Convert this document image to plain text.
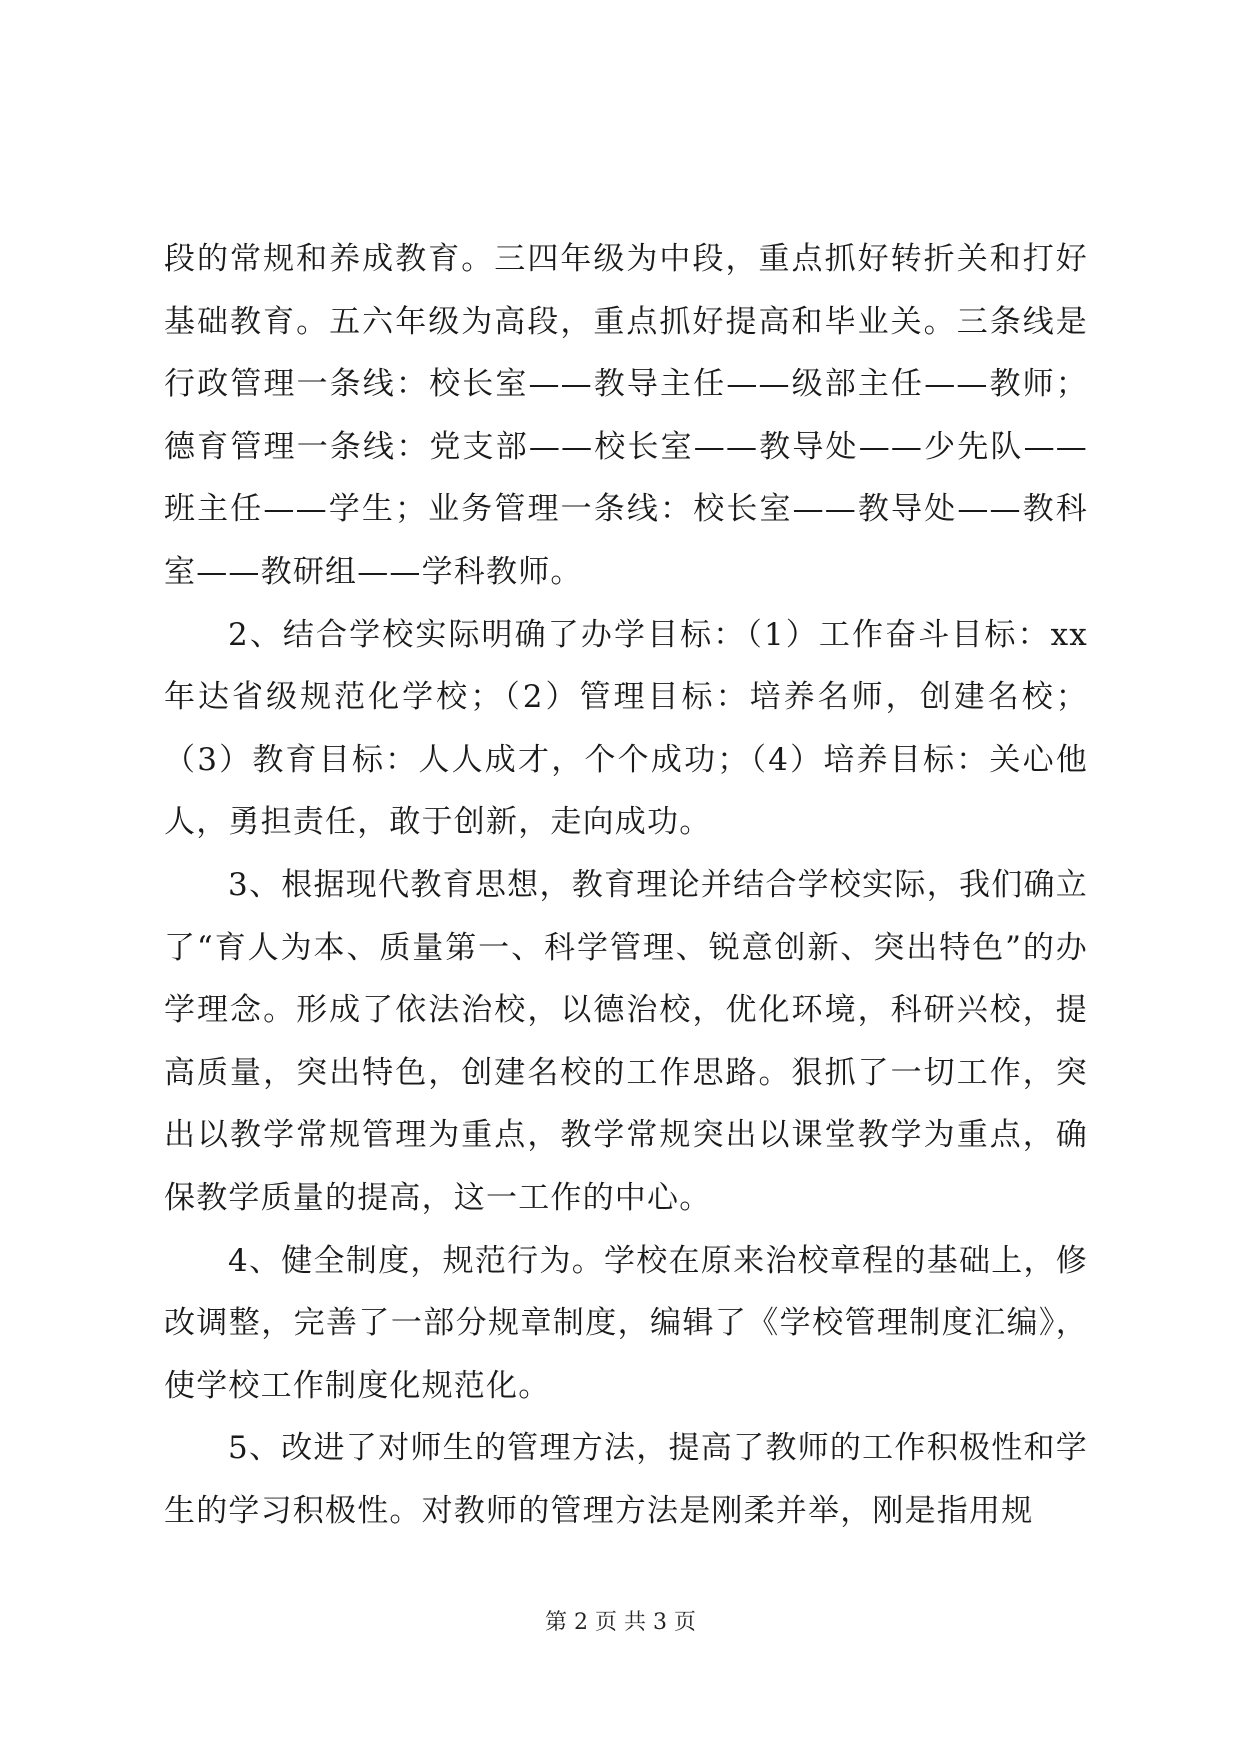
段的常规和养成教育。三四年级为中段，重点抓好转折关和打好基础教育。五六年级为高段，重点抓好提高和毕业关。三条线是行政管理一条线：校长室——教导主任——级部主任——教师；德育管理一条线：党支部——校长室——教导处——少先队——班主任——学生；业务管理一条线：校长室——教导处——教科室——教研组——学科教师。

2、结合学校实际明确了办学目标：（1）工作奋斗目标：xx年达省级规范化学校；（2）管理目标：培养名师，创建名校；（3）教育目标：人人成才，个个成功；（4）培养目标：关心他人，勇担责任，敢于创新，走向成功。

3、根据现代教育思想，教育理论并结合学校实际，我们确立了“育人为本、质量第一、科学管理、锐意创新、突出特色”的办学理念。形成了依法治校，以德治校，优化环境，科研兴校，提高质量，突出特色，创建名校的工作思路。狠抓了一切工作，突出以教学常规管理为重点，教学常规突出以课堂教学为重点，确保教学质量的提高，这一工作的中心。

4、健全制度，规范行为。学校在原来治校章程的基础上，修改调整，完善了一部分规章制度，编辑了《学校管理制度汇编》，使学校工作制度化规范化。

5、改进了对师生的管理方法，提高了教师的工作积极性和学生的学习积极性。对教师的管理方法是刚柔并举，刚是指用规

第 2 页 共 3 页
